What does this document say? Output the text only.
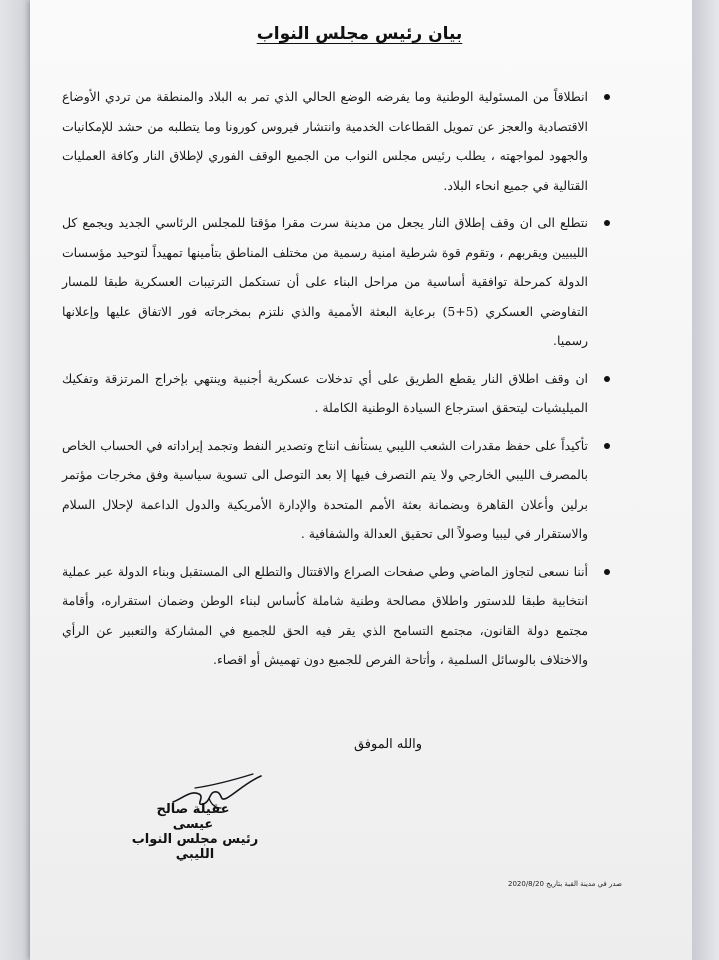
بيان رئيس مجلس النواب

انطلاقاً من المسئولية الوطنية وما يفرضه الوضع الحالي الذي تمر به البلاد والمنطقة من تردي الأوضاع الاقتصادية والعجز عن تمويل القطاعات الخدمية وانتشار فيروس كورونا وما يتطلبه من حشد للإمكانيات والجهود لمواجهته ، يطلب رئيس مجلس النواب من الجميع الوقف الفوري لإطلاق النار وكافة العمليات القتالية في جميع انحاء البلاد.

نتطلع الى ان وقف إطلاق النار يجعل من مدينة سرت مقرا مؤقتا للمجلس الرئاسي الجديد ويجمع كل الليبيين ويقربهم ، وتقوم قوة شرطية امنية رسمية من مختلف المناطق بتأمينها تمهيداً لتوحيد مؤسسات الدولة كمرحلة توافقية أساسية من مراحل البناء على أن تستكمل الترتيبات العسكرية طبقا للمسار التفاوضي العسكري (5+5) برعاية البعثة الأممية والذي نلتزم بمخرجاته فور الاتفاق عليها وإعلانها رسميا.

ان وقف اطلاق النار يقطع الطريق على أي تدخلات عسكرية أجنبية وينتهي بإخراج المرتزقة وتفكيك الميليشيات ليتحقق استرجاع السيادة الوطنية الكاملة .

تأكيداً على حفظ مقدرات الشعب الليبي يستأنف انتاج وتصدير النفط وتجمد إيراداته في الحساب الخاص بالمصرف الليبي الخارجي ولا يتم التصرف فيها إلا بعد التوصل الى تسوية سياسية وفق مخرجات مؤتمر برلين وأعلان القاهرة وبضمانة بعثة الأمم المتحدة والإدارة الأمريكية والدول الداعمة لإحلال السلام والاستقرار في ليبيا وصولاً الى تحقيق العدالة والشفافية .

أننا نسعى لتجاوز الماضي وطي صفحات الصراع والاقتتال والتطلع الى المستقبل وبناء الدولة عبر عملية انتخابية طبقا للدستور واطلاق مصالحة وطنية شاملة كأساس لبناء الوطن وضمان استقراره، وأقامة مجتمع دولة القانون، مجتمع التسامح الذي يقر فيه الحق للجميع في المشاركة والتعبير عن الرأي والاختلاف بالوسائل السلمية ، وأتاحة الفرص للجميع دون تهميش أو اقصاء.

والله الموفق
عقيلة صالح عيسى
رئيس مجلس النواب الليبي
صدر في مدينة القبة بتاريخ 2020/8/20
